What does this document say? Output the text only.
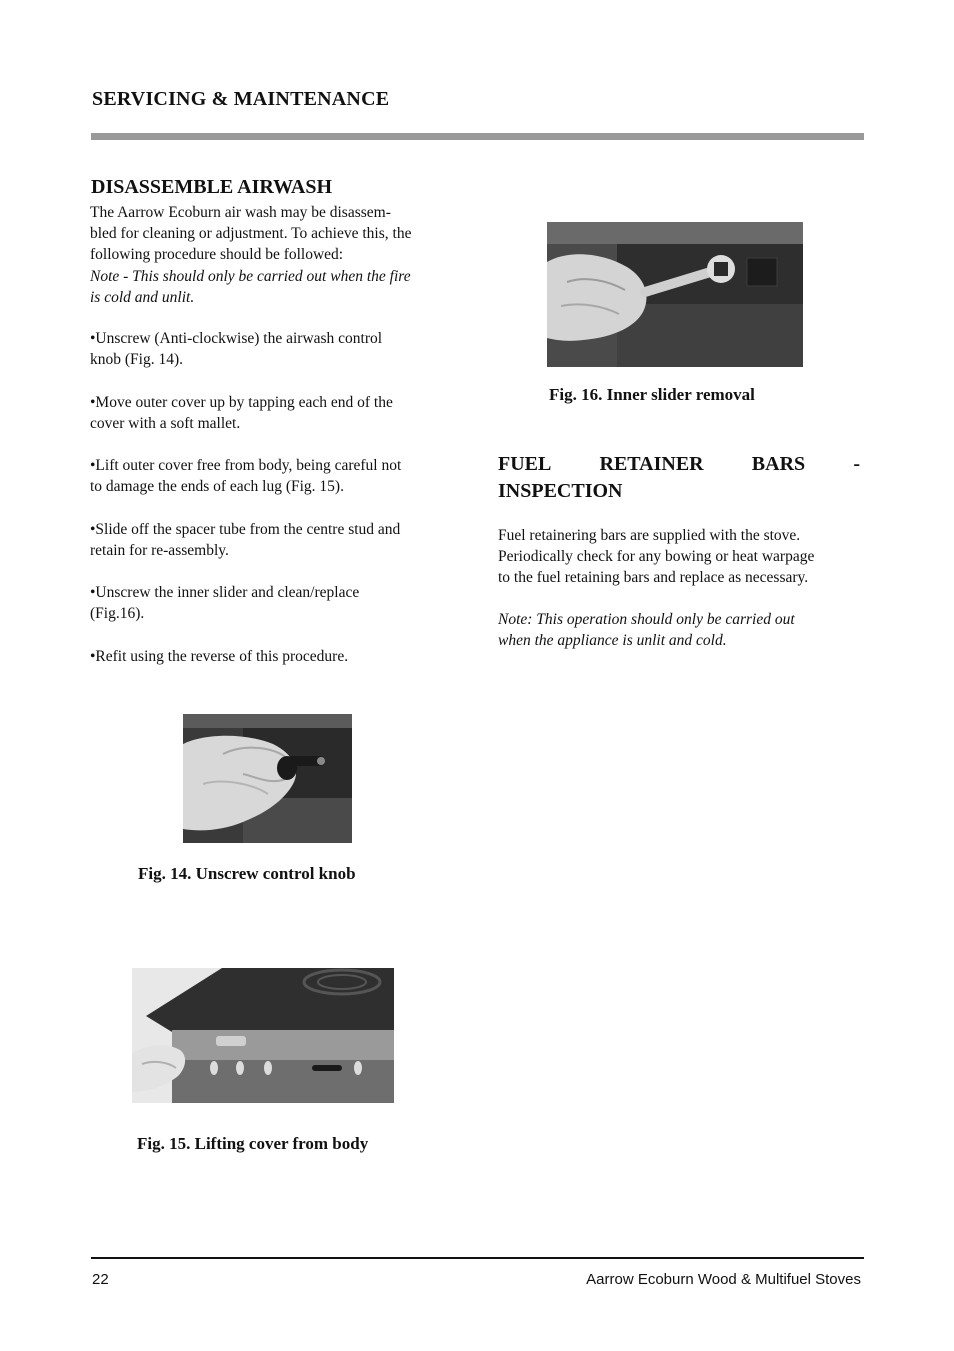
SERVICING & MAINTENANCE
DISASSEMBLE AIRWASH
The Aarrow Ecoburn air wash may be disassem-
bled for cleaning or adjustment. To achieve this, the
following procedure should be followed:
Note - This should only be carried out when the fire
is cold and unlit.
•Unscrew (Anti-clockwise) the airwash control
knob (Fig. 14).
•Move outer cover up by tapping each end of the
cover with a soft mallet.
•Lift outer cover free from body, being careful not
to damage the ends of each lug (Fig. 15).
•Slide off the spacer tube from the centre stud and
retain for re-assembly.
•Unscrew the inner slider and clean/replace
(Fig.16).
•Refit using the reverse of this procedure.
Fig. 14. Unscrew control knob
Fig. 15. Lifting cover from body
Fig. 16. Inner slider removal
FUEL RETAINER BARS -
INSPECTION
Fuel retainering bars are supplied with the stove.
Periodically check for any bowing or heat warpage
to the fuel retaining bars and replace as necessary.
Note: This operation should only be carried out
when the appliance is unlit and cold.
22	Aarrow Ecoburn Wood & Multifuel Stoves
